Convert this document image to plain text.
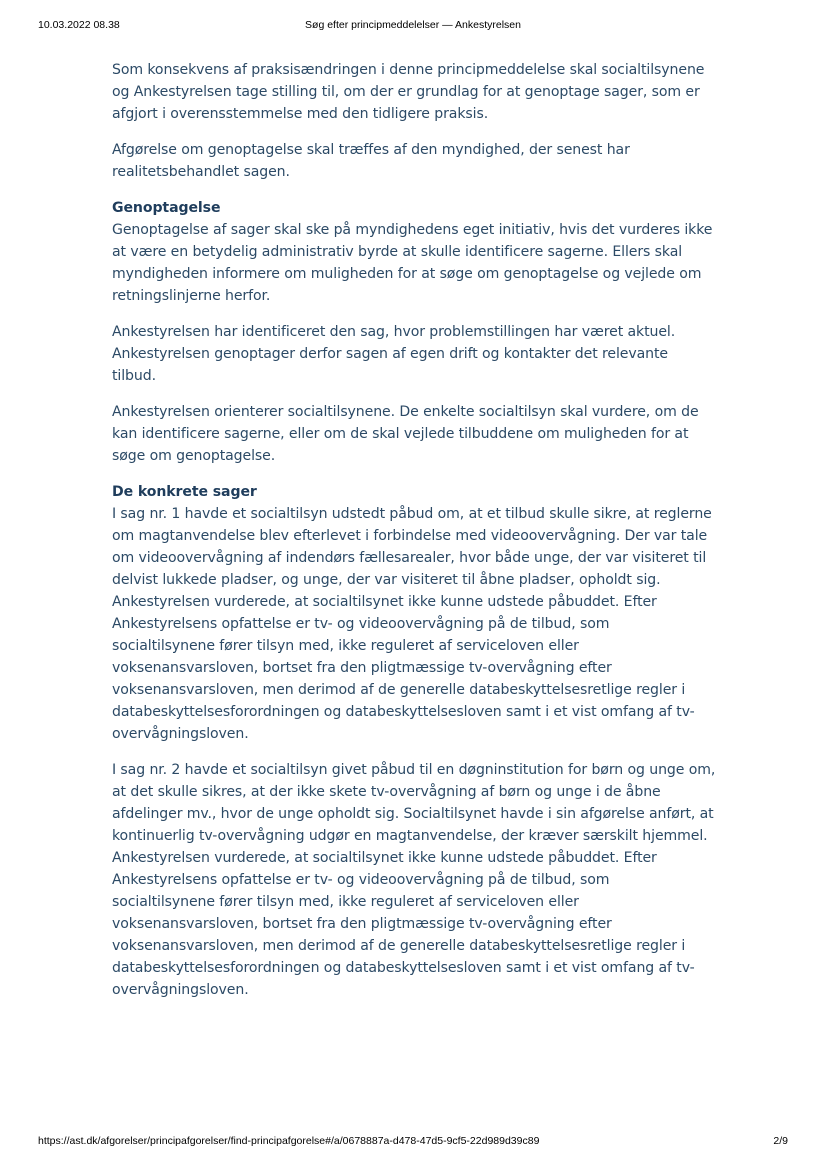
10.03.2022 08.38	Søg efter principmeddelelser — Ankestyrelsen

Som konsekvens af praksisændringen i denne principmeddelelse skal socialtilsynene og Ankestyrelsen tage stilling til, om der er grundlag for at genoptage sager, som er afgjort i overensstemmelse med den tidligere praksis.

Afgørelse om genoptagelse skal træffes af den myndighed, der senest har realitetsbehandlet sagen.

Genoptagelse

Genoptagelse af sager skal ske på myndighedens eget initiativ, hvis det vurderes ikke at være en betydelig administrativ byrde at skulle identificere sagerne. Ellers skal myndigheden informere om muligheden for at søge om genoptagelse og vejlede om retningslinjerne herfor.

Ankestyrelsen har identificeret den sag, hvor problemstillingen har været aktuel. Ankestyrelsen genoptager derfor sagen af egen drift og kontakter det relevante tilbud.

Ankestyrelsen orienterer socialtilsynene. De enkelte socialtilsyn skal vurdere, om de kan identificere sagerne, eller om de skal vejlede tilbuddene om muligheden for at søge om genoptagelse.

De konkrete sager

I sag nr. 1 havde et socialtilsyn udstedt påbud om, at et tilbud skulle sikre, at reglerne om magtanvendelse blev efterlevet i forbindelse med videoovervågning. Der var tale om videoovervågning af indendørs fællesarealer, hvor både unge, der var visiteret til delvist lukkede pladser, og unge, der var visiteret til åbne pladser, opholdt sig. Ankestyrelsen vurderede, at socialtilsynet ikke kunne udstede påbuddet. Efter Ankestyrelsens opfattelse er tv- og videoovervågning på de tilbud, som socialtilsynene fører tilsyn med, ikke reguleret af serviceloven eller voksenansvarsloven, bortset fra den pligtmæssige tv-overvågning efter voksenansvarsloven, men derimod af de generelle databeskyttelsesretlige regler i databeskyttelsesforordningen og databeskyttelsesloven samt i et vist omfang af tv-overvågningsloven.

I sag nr. 2 havde et socialtilsyn givet påbud til en døgninstitution for børn og unge om, at det skulle sikres, at der ikke skete tv-overvågning af børn og unge i de åbne afdelinger mv., hvor de unge opholdt sig. Socialtilsynet havde i sin afgørelse anført, at kontinuerlig tv-overvågning udgør en magtanvendelse, der kræver særskilt hjemmel. Ankestyrelsen vurderede, at socialtilsynet ikke kunne udstede påbuddet. Efter Ankestyrelsens opfattelse er tv- og videoovervågning på de tilbud, som socialtilsynene fører tilsyn med, ikke reguleret af serviceloven eller voksenansvarsloven, bortset fra den pligtmæssige tv-overvågning efter voksenansvarsloven, men derimod af de generelle databeskyttelsesretlige regler i databeskyttelsesforordningen og databeskyttelsesloven samt i et vist omfang af tv-overvågningsloven.

https://ast.dk/afgorelser/principafgorelser/find-principafgorelse#/a/0678887a-d478-47d5-9cf5-22d989d39c89	2/9
